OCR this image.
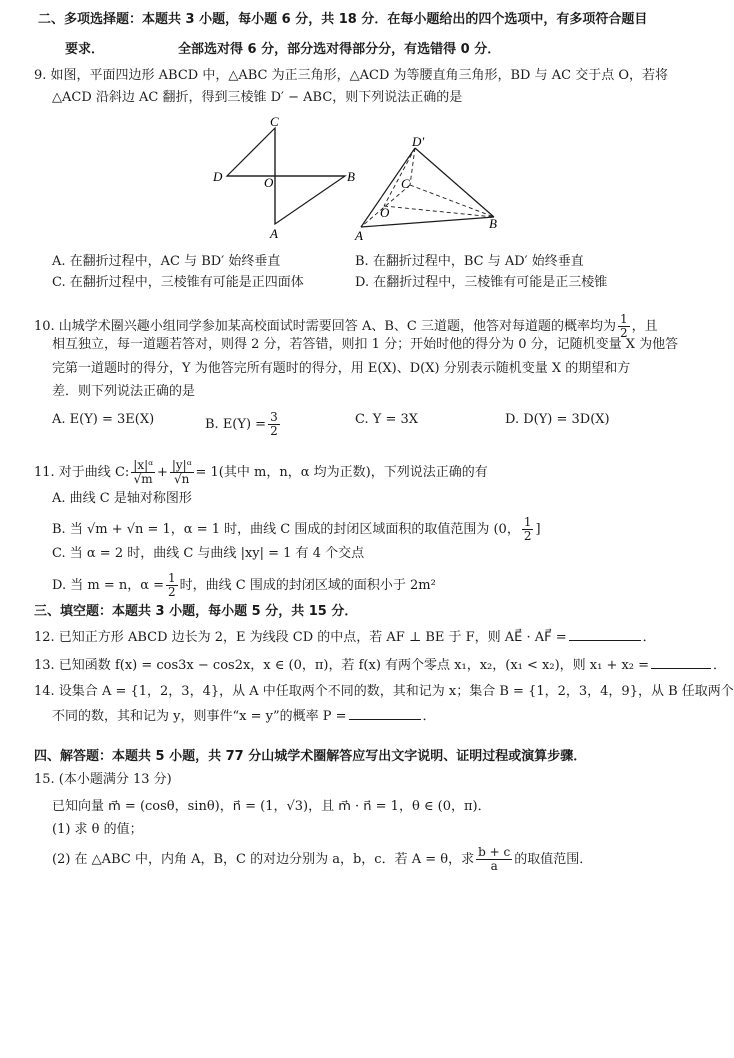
二、多项选择题：本题共 3 小题，每小题 6 分，共 18 分．在每小题给出的四个选项中，有多项符合题目
要求．	全部选对得 6 分，部分选对得部分分，有选错得 0 分．
9. 如图，平面四边形 ABCD 中，△ABC 为正三角形，△ACD 为等腰直角三角形，BD 与 AC 交于点 O，若将
△ACD 沿斜边 AC 翻折，得到三棱锥 D′ − ABC，则下列说法正确的是
C
D	B
A
O
D′
C
O
B
A
A. 在翻折过程中，AC 与 BD′ 始终垂直	B. 在翻折过程中，BC 与 AD′ 始终垂直
C. 在翻折过程中，三棱锥有可能是正四面体	D. 在翻折过程中，三棱锥有可能是正三棱锥
10. 山城学术圈兴趣小组同学参加某高校面试时需要回答 A、B、C 三道题，他答对每道题的概率均为 $\frac{1}{2}$ ，且
相互独立，每一道题若答对，则得 2 分，若答错，则扣 1 分；开始时他的得分为 0 分，记随机变量 X 为他答
完第一道题时的得分，Y 为他答完所有题时的得分，用 E(X)、D(X) 分别表示随机变量 X 的期望和方
差．则下列说法正确的是
A. E(Y) = 3E(X)	B. $E(Y) = \frac{3}{2}$	C. Y = 3X	D. D(Y) = 3D(X)
11. 对于曲线 C: $\frac{\text{|x|ᵅ}}{√m} + \frac{\text{|y|ᵅ}}{√n} = 1$(其中 m，n，α 均为正数)，下列说法正确的有
A. 曲线 C 是轴对称图形
B. 当 √m + √n = 1，α = 1 时，曲线 C 围成的封闭区域面积的取值范围为 (0， $\frac{1}{2}$ ]
C. 当 α = 2 时，曲线 C 与曲线 |xy| = 1 有 4 个交点
D. 当 m = n，$\alpha = \frac{1}{2}$ 时，曲线 C 围成的封闭区域的面积小于 2m²
三、填空题：本题共 3 小题，每小题 5 分，共 15 分．
12. 已知正方形 ABCD 边长为 2，E 为线段 CD 的中点，若 AF ⊥ BE 于 F，则 AE⃗ · AF⃗ =	．
13. 已知函数 f(x) = cos3x − cos2x，x ∈ (0，π)，若 f(x) 有两个零点 x₁，x₂，(x₁ < x₂)，则 x₁ + x₂ =	．
14. 设集合 A = {1，2，3，4}，从 A 中任取两个不同的数，其和记为 x；集合 B = {1，2，3，4，9}，从 B 任取两个
不同的数，其和记为 y，则事件“x = y”的概率 P =	．
四、解答题：本题共 5 小题，共 77 分山城学术圈解答应写出文字说明、证明过程或演算步骤．
15. (本小题满分 13 分)
已知向量 m⃗ = (cosθ，sinθ)，n⃗ = (1，√3)，且 m⃗ · n⃗ = 1，θ ∈ (0，π)．
(1) 求 θ 的值；
(2) 在 △ABC 中，内角 A，B，C 的对边分别为 a，b，c．若 A = θ，求 $\frac{b + c}{a}$ 的取值范围．
